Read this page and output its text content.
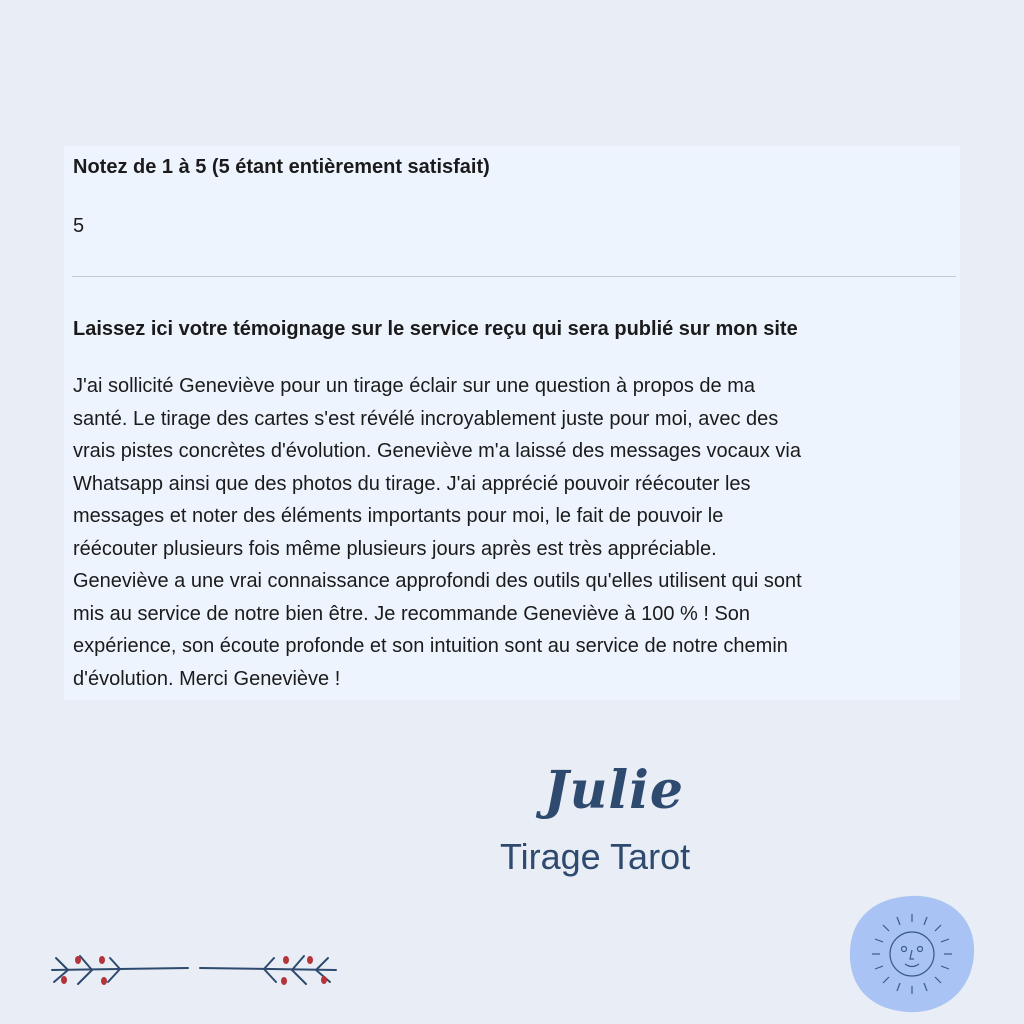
Notez de 1 à 5 (5 étant entièrement satisfait)
5
Laissez ici votre témoignage sur le service reçu qui sera publié sur mon site
J'ai sollicité Geneviève pour un tirage éclair sur une question à propos de ma
santé. Le tirage des cartes s'est révélé incroyablement juste pour moi, avec des
vrais pistes concrètes d'évolution. Geneviève m'a laissé des messages vocaux via
Whatsapp ainsi que des photos du tirage. J'ai apprécié pouvoir réécouter les
messages et noter des éléments importants pour moi, le fait de pouvoir le
réécouter plusieurs fois même plusieurs jours après est très appréciable.
Geneviève a une vrai connaissance approfondi des outils qu'elles utilisent qui sont
mis au service de notre bien être. Je recommande Geneviève à 100 % ! Son
expérience, son écoute profonde et son intuition sont au service de notre chemin
d'évolution. Merci Geneviève !
Julie
Tirage Tarot
